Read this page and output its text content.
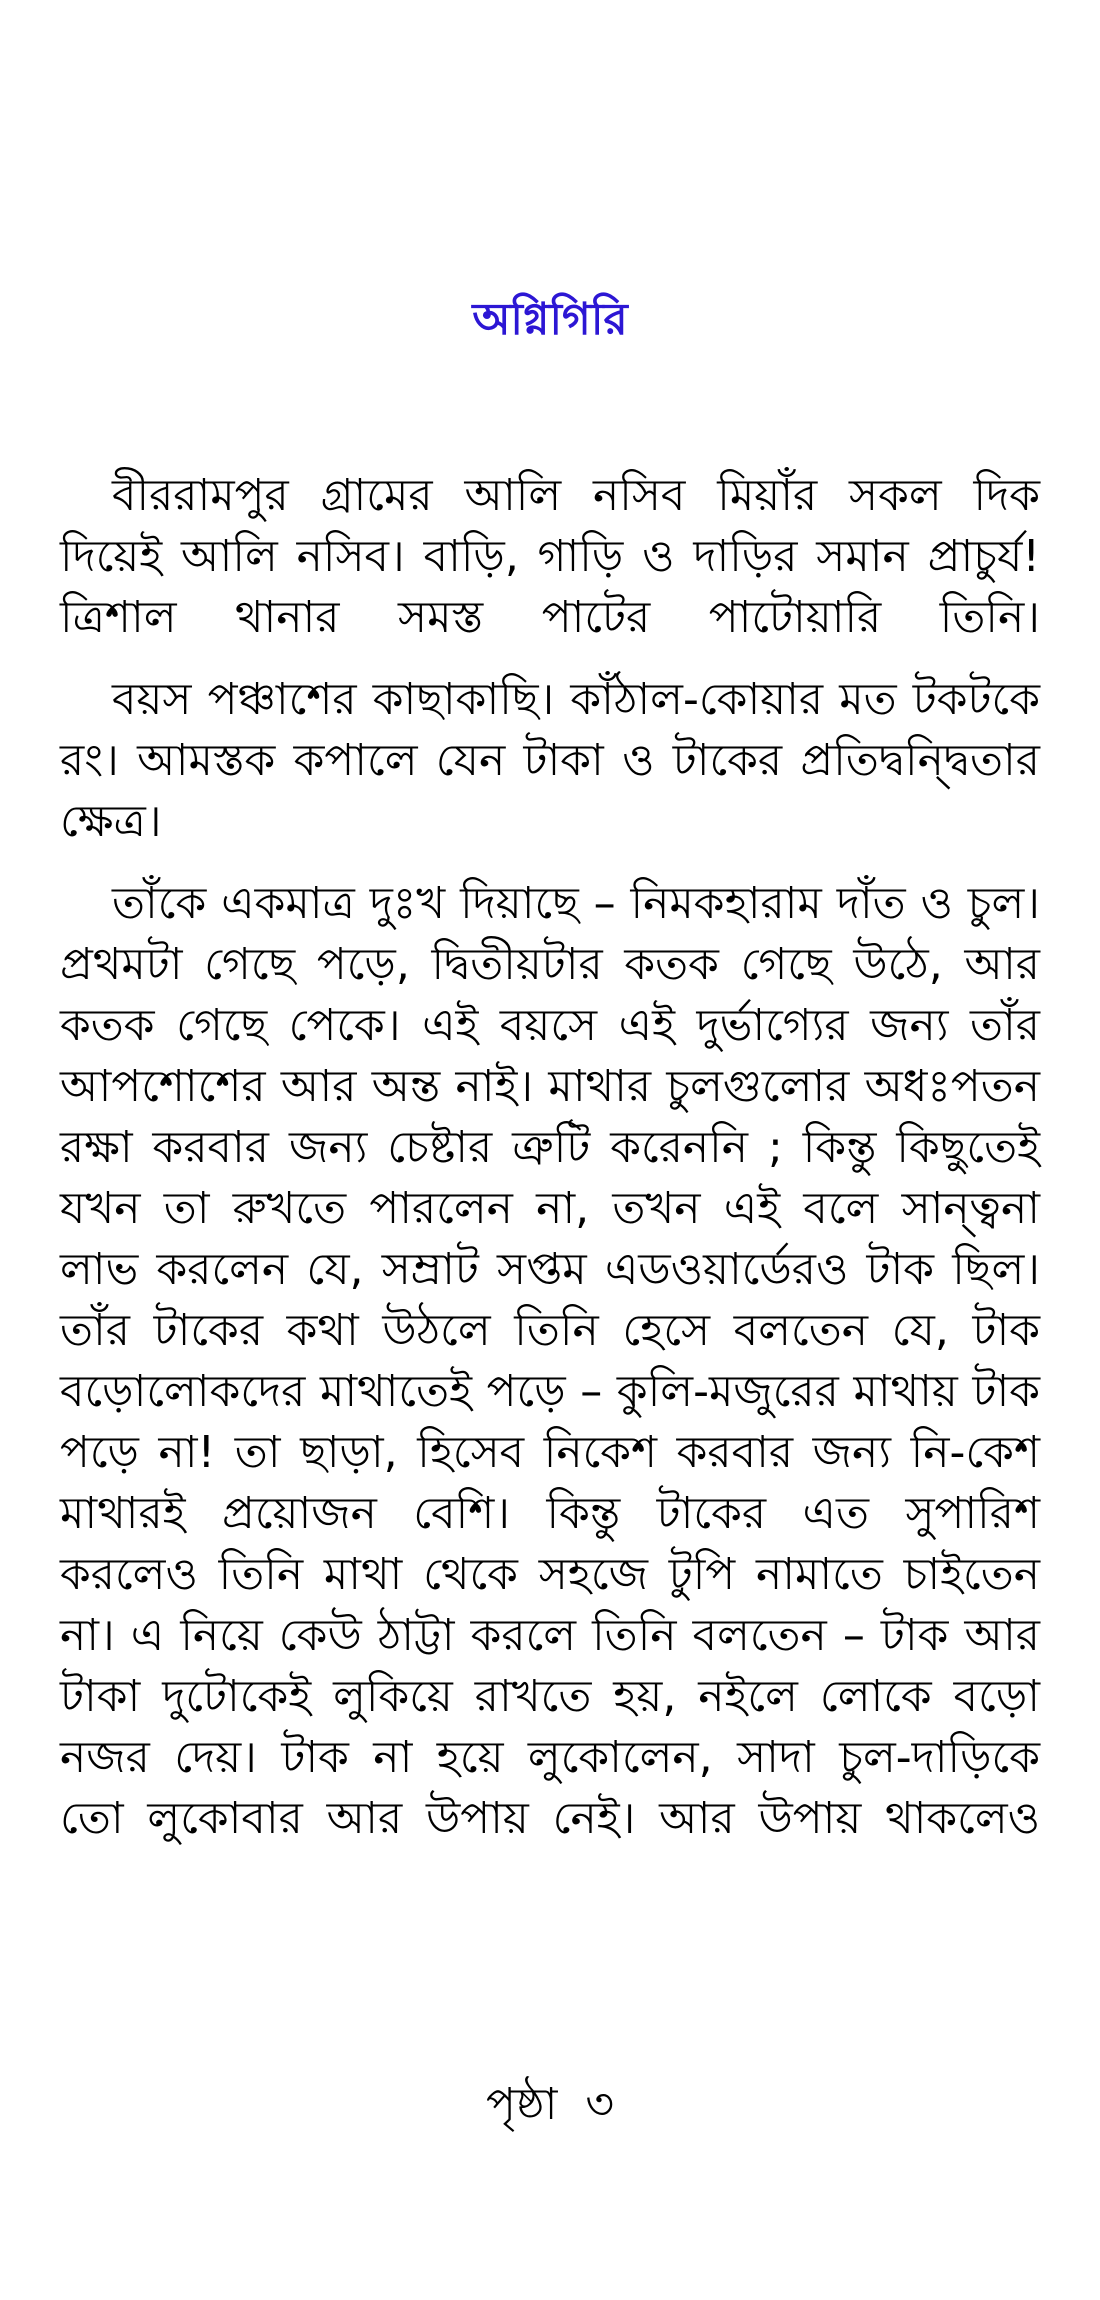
অগ্নিগিরি

বীররামপুর গ্রামের আলি নসিব মিয়াঁর সকল দিক দিয়েই আলি নসিব। বাড়ি, গাড়ি ও দাড়ির সমান প্রাচুর্য! ত্রিশাল থানার সমস্ত পাটের পাটোয়ারি তিনি।

বয়স পঞ্চাশের কাছাকাছি। কাঁঠাল-কোয়ার মত টকটকে রং। আমস্তক কপালে যেন টাকা ও টাকের প্রতিদ্বন্দ্বিতার ক্ষেত্র।

তাঁকে একমাত্র দুঃখ দিয়াছে – নিমকহারাম দাঁত ও চুল। প্রথমটা গেছে পড়ে, দ্বিতীয়টার কতক গেছে উঠে, আর কতক গেছে পেকে। এই বয়সে এই দুর্ভাগ্যের জন্য তাঁর আপশোশের আর অন্ত নাই। মাথার চুলগুলোর অধঃপতন রক্ষা করবার জন্য চেষ্টার ত্রুটি করেননি ; কিন্তু কিছুতেই যখন তা রুখতে পারলেন না, তখন এই বলে সান্ত্বনা লাভ করলেন যে, সম্রাট সপ্তম এডওয়ার্ডেরও টাক ছিল। তাঁর টাকের কথা উঠলে তিনি হেসে বলতেন যে, টাক বড়োলোকদের মাথাতেই পড়ে – কুলি-মজুরের মাথায় টাক পড়ে না! তা ছাড়া, হিসেব নিকেশ করবার জন্য নি-কেশ মাথারই প্রয়োজন বেশি। কিন্তু টাকের এত সুপারিশ করলেও তিনি মাথা থেকে সহজে টুপি নামাতে চাইতেন না। এ নিয়ে কেউ ঠাট্টা করলে তিনি বলতেন – টাক আর টাকা দুটোকেই লুকিয়ে রাখতে হয়, নইলে লোকে বড়ো নজর দেয়। টাক না হয়ে লুকোলেন, সাদা চুল-দাড়িকে তো লুকোবার আর উপায় নেই। আর উপায় থাকলেও

পৃষ্ঠা ৩
